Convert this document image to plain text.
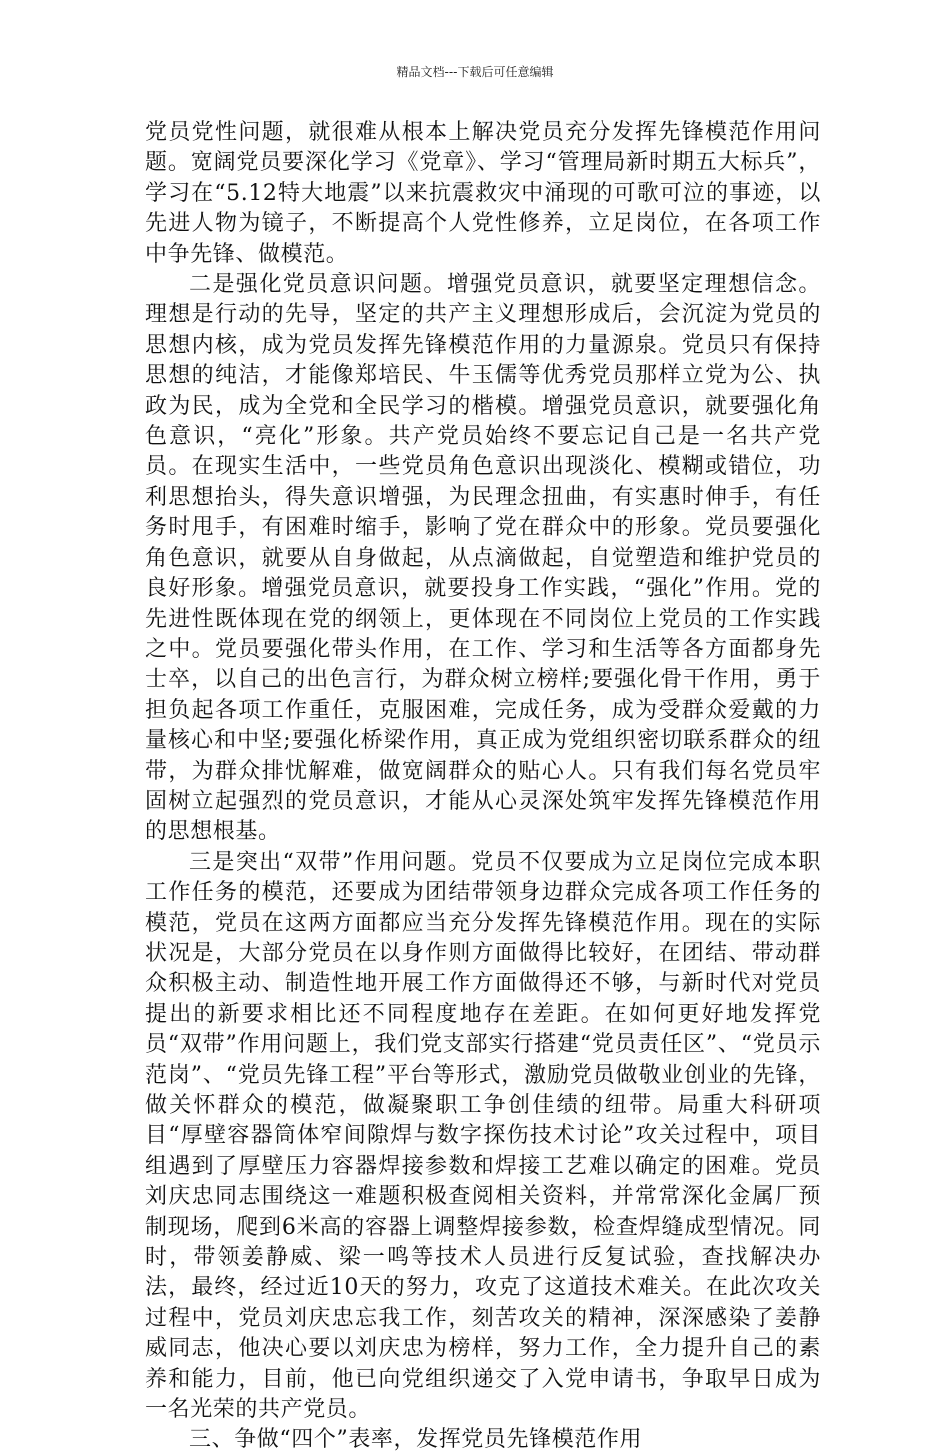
精品文档---下载后可任意编辑

党员党性问题，就很难从根本上解决党员充分发挥先锋模范作用问题。宽阔党员要深化学习《党章》、学习“管理局新时期五大标兵”，学习在“5.12特大地震”以来抗震救灾中涌现的可歌可泣的事迹，以先进人物为镜子，不断提高个人党性修养，立足岗位，在各项工作中争先锋、做模范。

二是强化党员意识问题。增强党员意识，就要坚定理想信念。理想是行动的先导，坚定的共产主义理想形成后，会沉淀为党员的思想内核，成为党员发挥先锋模范作用的力量源泉。党员只有保持思想的纯洁，才能像郑培民、牛玉儒等优秀党员那样立党为公、执政为民，成为全党和全民学习的楷模。增强党员意识，就要强化角色意识，“亮化”形象。共产党员始终不要忘记自己是一名共产党员。在现实生活中，一些党员角色意识出现淡化、模糊或错位，功利思想抬头，得失意识增强，为民理念扭曲，有实惠时伸手，有任务时甩手，有困难时缩手，影响了党在群众中的形象。党员要强化角色意识，就要从自身做起，从点滴做起，自觉塑造和维护党员的良好形象。增强党员意识，就要投身工作实践，“强化”作用。党的先进性既体现在党的纲领上，更体现在不同岗位上党员的工作实践之中。党员要强化带头作用，在工作、学习和生活等各方面都身先士卒，以自己的出色言行，为群众树立榜样;要强化骨干作用，勇于担负起各项工作重任，克服困难，完成任务，成为受群众爱戴的力量核心和中坚;要强化桥梁作用，真正成为党组织密切联系群众的纽带，为群众排忧解难，做宽阔群众的贴心人。只有我们每名党员牢固树立起强烈的党员意识，才能从心灵深处筑牢发挥先锋模范作用的思想根基。

三是突出“双带”作用问题。党员不仅要成为立足岗位完成本职工作任务的模范，还要成为团结带领身边群众完成各项工作任务的模范，党员在这两方面都应当充分发挥先锋模范作用。现在的实际状况是，大部分党员在以身作则方面做得比较好，在团结、带动群众积极主动、制造性地开展工作方面做得还不够，与新时代对党员提出的新要求相比还不同程度地存在差距。在如何更好地发挥党员“双带”作用问题上，我们党支部实行搭建“党员责任区”、“党员示范岗”、“党员先锋工程”平台等形式，激励党员做敬业创业的先锋，做关怀群众的模范，做凝聚职工争创佳绩的纽带。局重大科研项目“厚壁容器筒体窄间隙焊与数字探伤技术讨论”攻关过程中，项目组遇到了厚壁压力容器焊接参数和焊接工艺难以确定的困难。党员刘庆忠同志围绕这一难题积极查阅相关资料，并常常深化金属厂预制现场，爬到6米高的容器上调整焊接参数，检查焊缝成型情况。同时，带领姜静威、梁一鸣等技术人员进行反复试验，查找解决办法，最终，经过近10天的努力，攻克了这道技术难关。在此次攻关过程中，党员刘庆忠忘我工作，刻苦攻关的精神，深深感染了姜静威同志，他决心要以刘庆忠为榜样，努力工作，全力提升自己的素养和能力，目前，他已向党组织递交了入党申请书，争取早日成为一名光荣的共产党员。

三、争做“四个”表率，发挥党员先锋模范作用
